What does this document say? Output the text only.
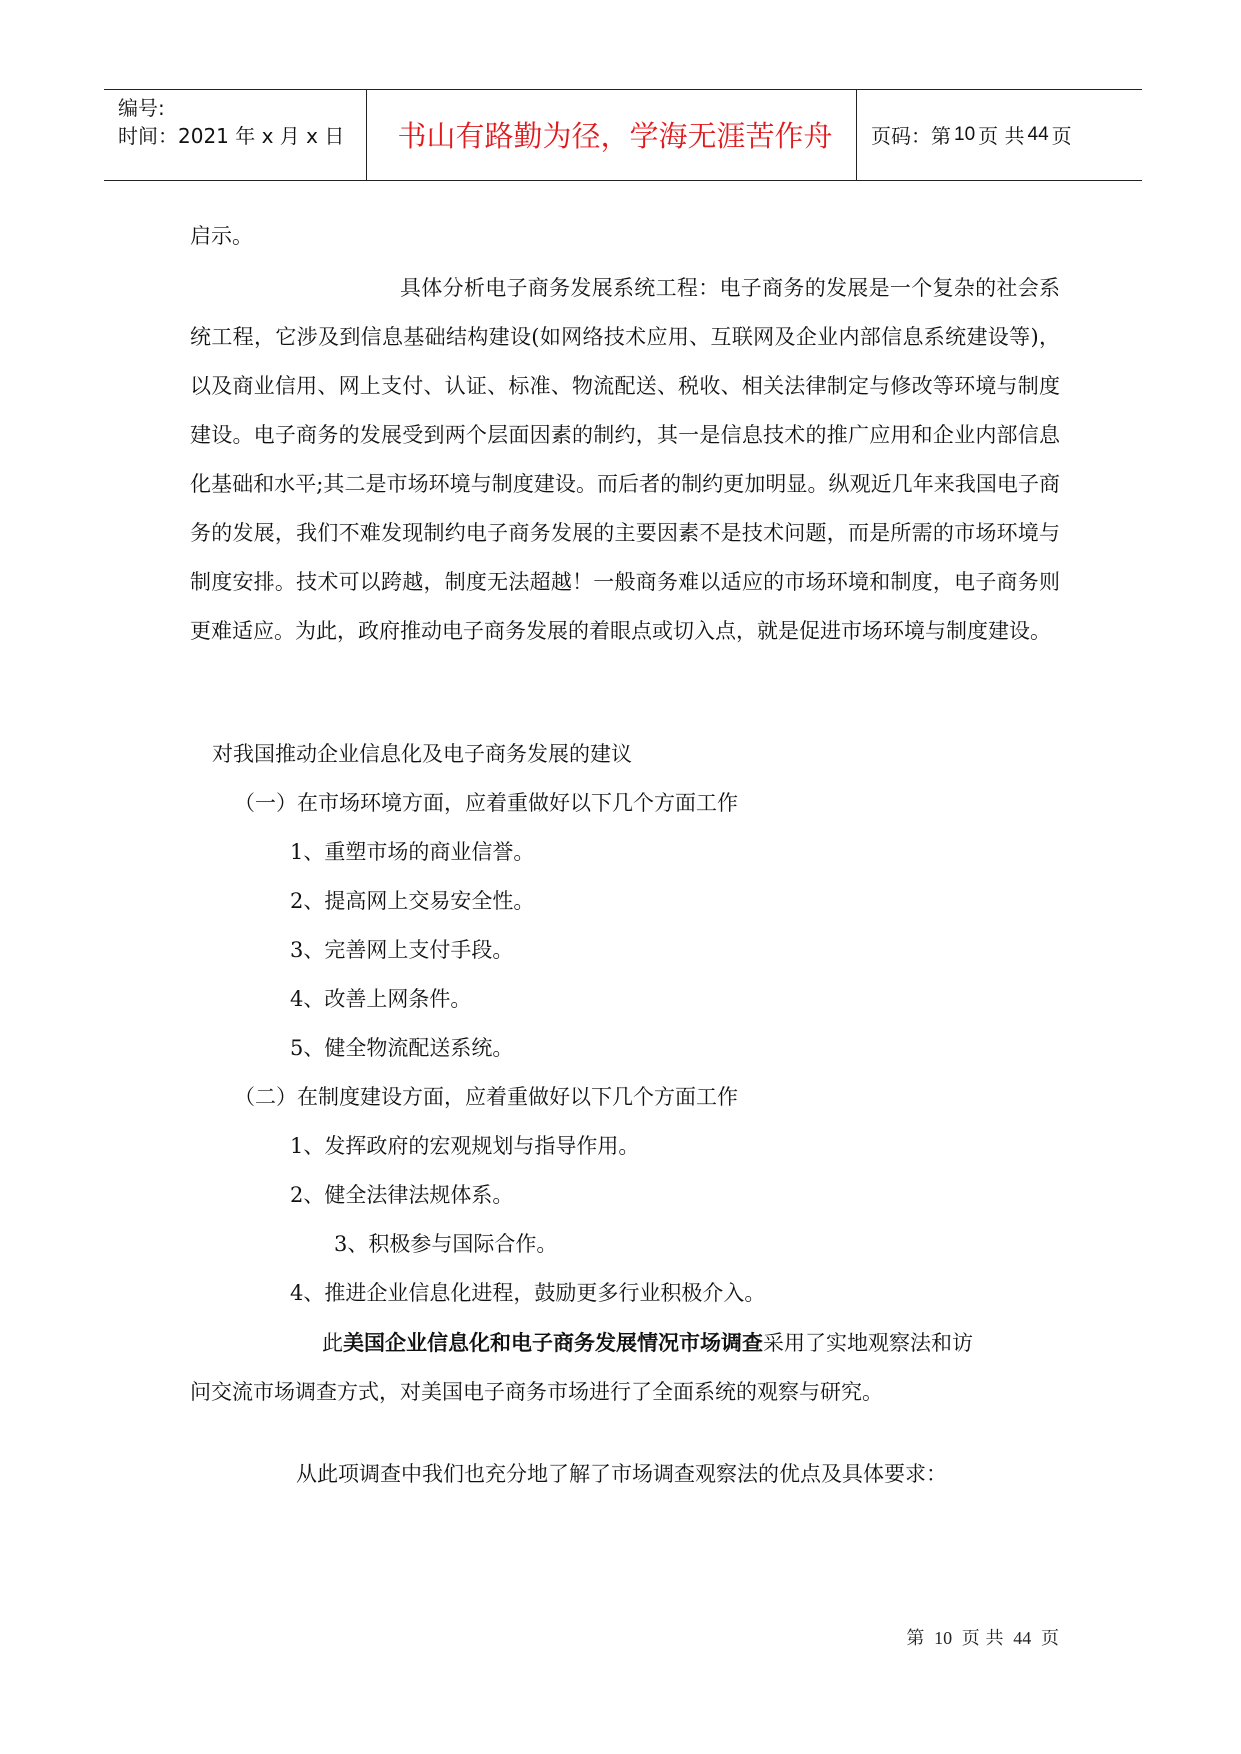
编号:
时间：2021 年 x 月 x 日	书山有路勤为径，学海无涯苦作舟	页码：第 10 页 共 44 页
启示。

具体分析电子商务发展系统工程：电子商务的发展是一个复杂的社会系统工程，它涉及到信息基础结构建设(如网络技术应用、互联网及企业内部信息系统建设等)，以及商业信用、网上支付、认证、标准、物流配送、税收、相关法律制定与修改等环境与制度建设。电子商务的发展受到两个层面因素的制约，其一是信息技术的推广应用和企业内部信息化基础和水平;其二是市场环境与制度建设。而后者的制约更加明显。纵观近几年来我国电子商务的发展，我们不难发现制约电子商务发展的主要因素不是技术问题，而是所需的市场环境与制度安排。技术可以跨越，制度无法超越！一般商务难以适应的市场环境和制度，电子商务则更难适应。为此，政府推动电子商务发展的着眼点或切入点，就是促进市场环境与制度建设。

对我国推动企业信息化及电子商务发展的建议
（一）在市场环境方面，应着重做好以下几个方面工作
1、重塑市场的商业信誉。
2、提高网上交易安全性。
3、完善网上支付手段。
4、改善上网条件。
5、健全物流配送系统。
（二）在制度建设方面，应着重做好以下几个方面工作
1、发挥政府的宏观规划与指导作用。
2、健全法律法规体系。
3、积极参与国际合作。
4、推进企业信息化进程，鼓励更多行业积极介入。
此美国企业信息化和电子商务发展情况市场调查采用了实地观察法和访
问交流市场调查方式，对美国电子商务市场进行了全面系统的观察与研究。
从此项调查中我们也充分地了解了市场调查观察法的优点及具体要求：
第 10 页 共 44 页
